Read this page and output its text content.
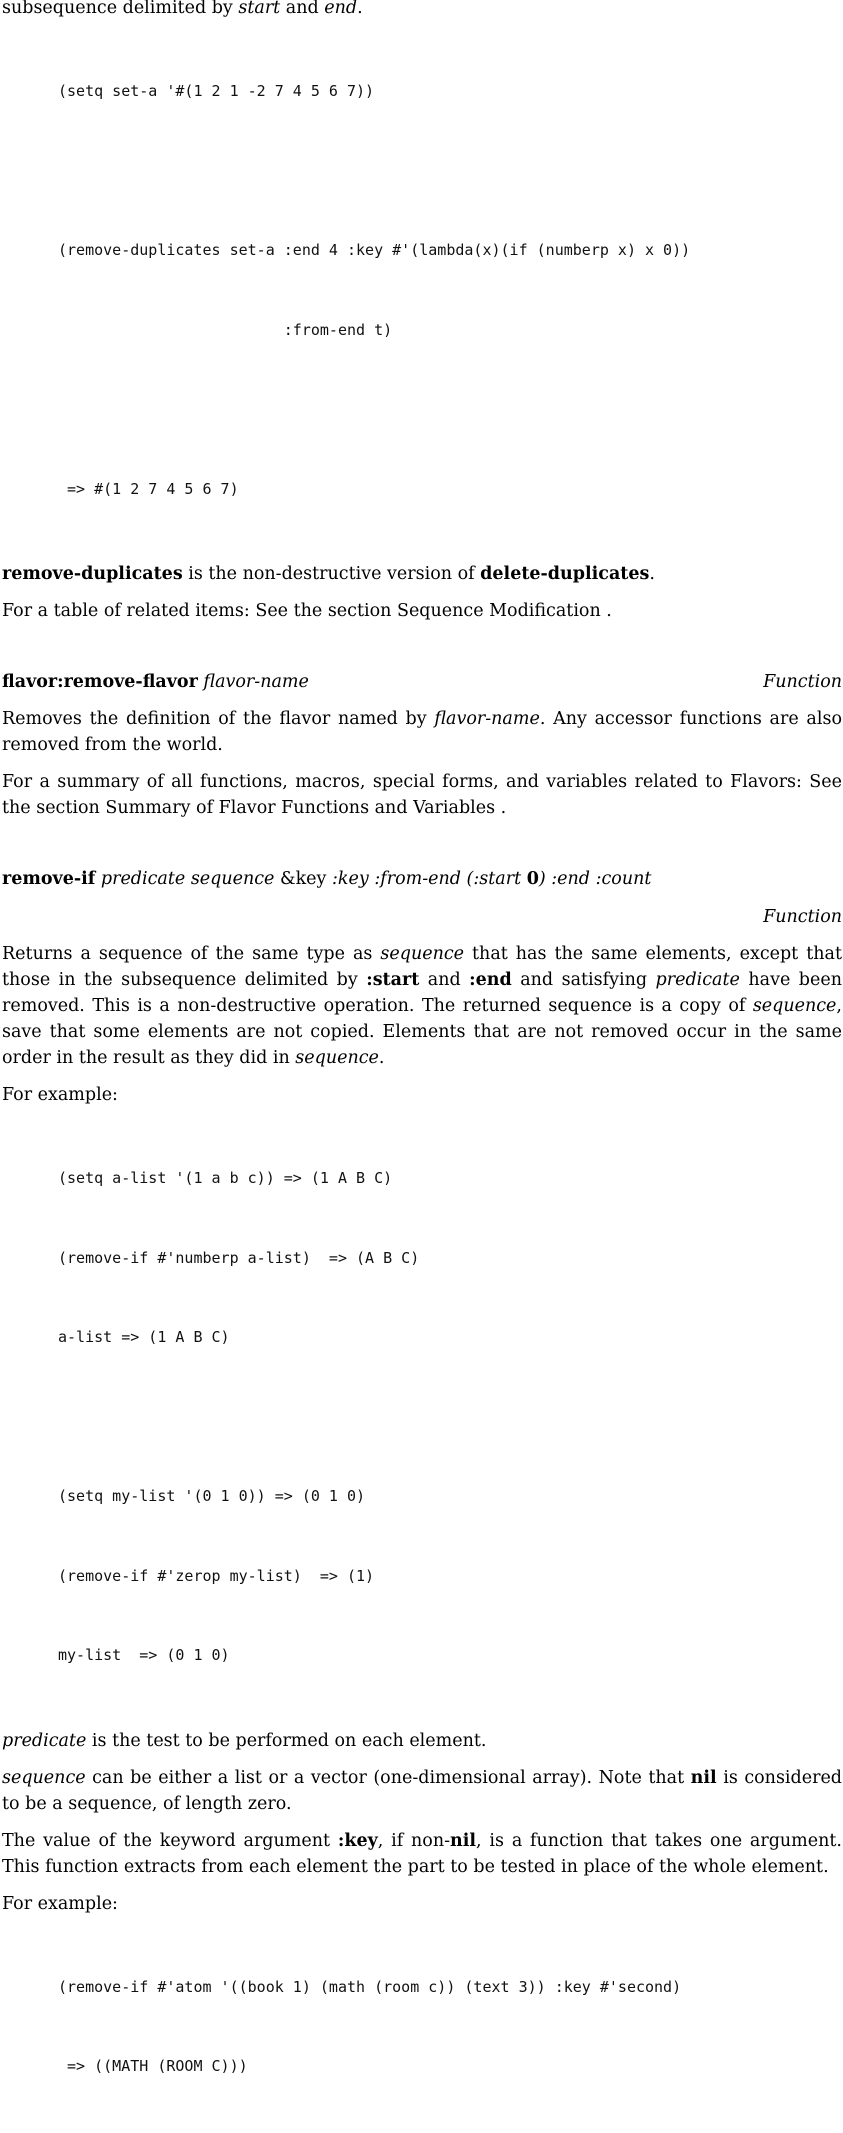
subsequence delimited by start and end.

(setq set-a '#(1 2 1 -2 7 4 5 6 7))

(remove-duplicates set-a :end 4 :key #'(lambda(x)(if (numberp x) x 0))

:from-end t)

=> #(1 2 7 4 5 6 7)

remove-duplicates is the non-destructive version of delete-duplicates.

For a table of related items: See the section Sequence Modification .

flavor:remove-flavor flavor-name	Function

Removes the definition of the flavor named by flavor-name. Any accessor functions are also removed from the world.

For a summary of all functions, macros, special forms, and variables related to Flavors: See the section Summary of Flavor Functions and Variables .

remove-if predicate sequence &key :key :from-end (:start 0) :end :count
Function

Returns a sequence of the same type as sequence that has the same elements, except that those in the subsequence delimited by :start and :end and satisfying predicate have been removed. This is a non-destructive operation. The returned sequence is a copy of sequence, save that some elements are not copied. Elements that are not removed occur in the same order in the result as they did in sequence.

For example:

(setq a-list '(1 a b c)) => (1 A B C)

(remove-if #'numberp a-list)  => (A B C)

a-list => (1 A B C)

(setq my-list '(0 1 0)) => (0 1 0)

(remove-if #'zerop my-list)  => (1)

my-list  => (0 1 0)

predicate is the test to be performed on each element.

sequence can be either a list or a vector (one-dimensional array). Note that nil is considered to be a sequence, of length zero.

The value of the keyword argument :key, if non-nil, is a function that takes one argument. This function extracts from each element the part to be tested in place of the whole element.

For example:

(remove-if #'atom '((book 1) (math (room c)) (text 3)) :key #'second)

=> ((MATH (ROOM C)))
